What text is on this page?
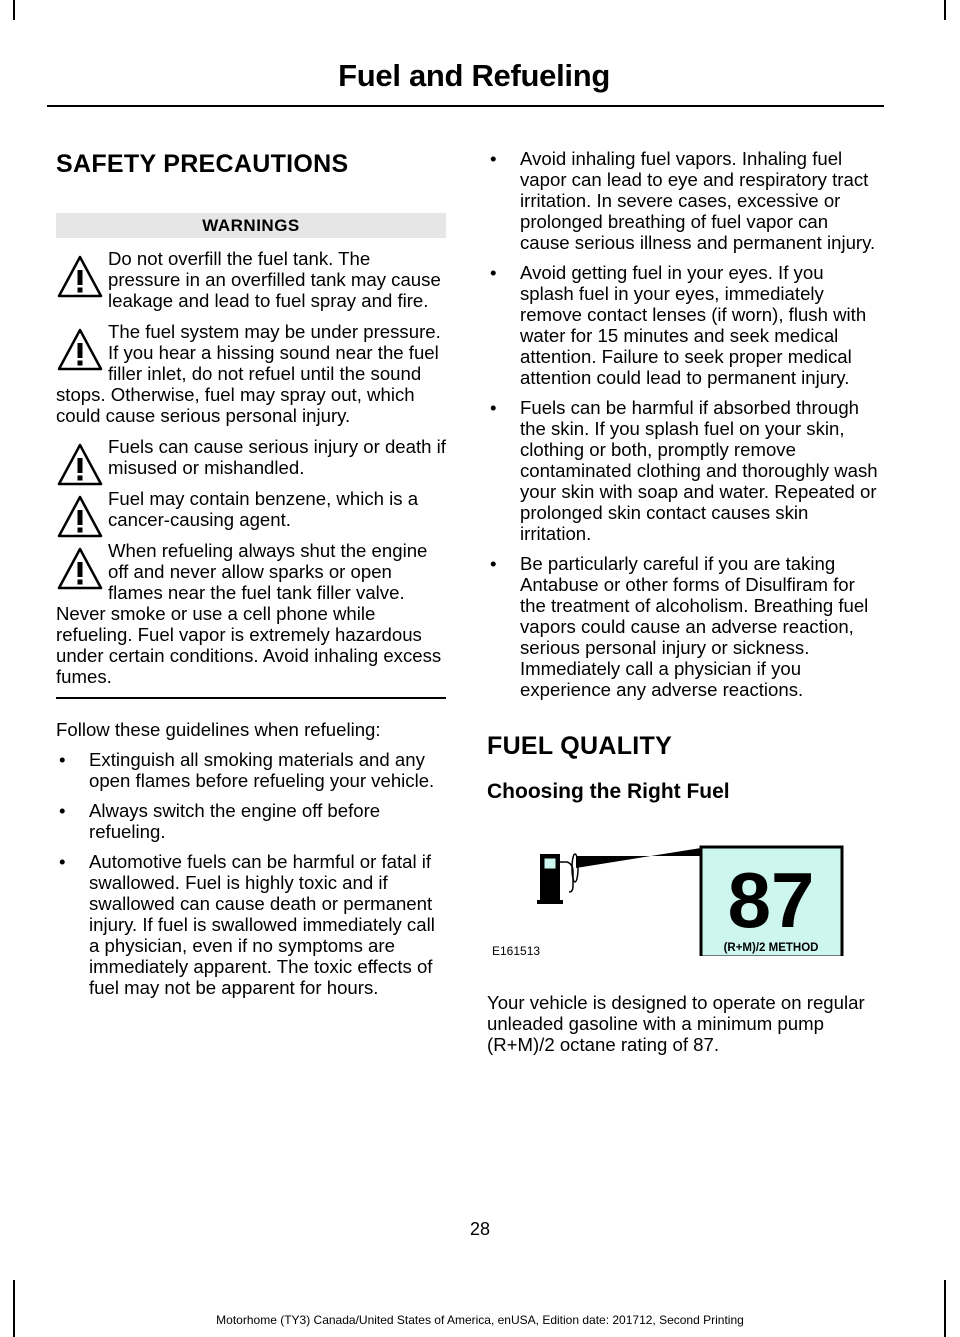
Fuel and Refueling
SAFETY PRECAUTIONS
WARNINGS

Do not overfill the fuel tank. The pressure in an overfilled tank may cause leakage and lead to fuel spray and fire.

The fuel system may be under pressure. If you hear a hissing sound near the fuel filler inlet, do not refuel until the sound stops. Otherwise, fuel may spray out, which could cause serious personal injury.

Fuels can cause serious injury or death if misused or mishandled.

Fuel may contain benzene, which is a cancer-causing agent.

When refueling always shut the engine off and never allow sparks or open flames near the fuel tank filler valve. Never smoke or use a cell phone while refueling. Fuel vapor is extremely hazardous under certain conditions. Avoid inhaling excess fumes.

Follow these guidelines when refueling:

• Extinguish all smoking materials and any open flames before refueling your vehicle.
• Always switch the engine off before refueling.
• Automotive fuels can be harmful or fatal if swallowed. Fuel is highly toxic and if swallowed can cause death or permanent injury. If fuel is swallowed immediately call a physician, even if no symptoms are immediately apparent. The toxic effects of fuel may not be apparent for hours.
• Avoid inhaling fuel vapors. Inhaling fuel vapor can lead to eye and respiratory tract irritation. In severe cases, excessive or prolonged breathing of fuel vapor can cause serious illness and permanent injury.
• Avoid getting fuel in your eyes. If you splash fuel in your eyes, immediately remove contact lenses (if worn), flush with water for 15 minutes and seek medical attention. Failure to seek proper medical attention could lead to permanent injury.
• Fuels can be harmful if absorbed through the skin. If you splash fuel on your skin, clothing or both, promptly remove contaminated clothing and thoroughly wash your skin with soap and water. Repeated or prolonged skin contact causes skin irritation.
• Be particularly careful if you are taking Antabuse or other forms of Disulfiram for the treatment of alcoholism. Breathing fuel vapors could cause an adverse reaction, serious personal injury or sickness. Immediately call a physician if you experience any adverse reactions.
FUEL QUALITY
Choosing the Right Fuel
87
(R+M)/2 METHOD
E161513

Your vehicle is designed to operate on regular unleaded gasoline with a minimum pump (R+M)/2 octane rating of 87.

28
Motorhome (TY3) Canada/United States of America, enUSA, Edition date: 201712, Second Printing
